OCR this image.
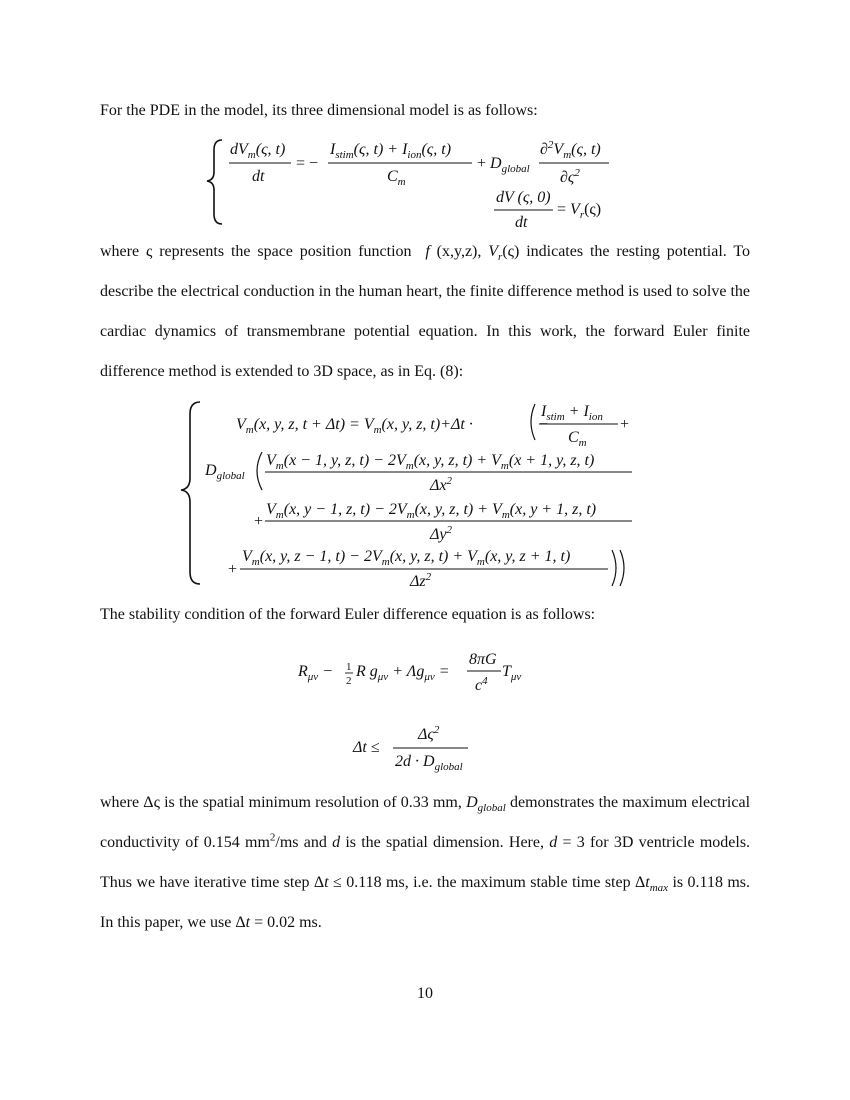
For the PDE in the model, its three dimensional model is as follows:

where ς represents the space position function f (x,y,z), $V_r(\varsigma)$ indicates the resting potential. To describe the electrical conduction in the human heart, the finite difference method is used to solve the cardiac dynamics of transmembrane potential equation. In this work, the forward Euler finite difference method is extended to 3D space, as in Eq. (8):

The stability condition of the forward Euler difference equation is as follows:

where Δς is the spatial minimum resolution of 0.33 mm, $D_{global}$ demonstrates the maximum electrical conductivity of 0.154 $mm^2/ms$ and d is the spatial dimension. Here, d = 3 for 3D ventricle models. Thus we have iterative time step Δt ≤ 0.118 ms, i.e. the maximum stable time step $\Delta t_{max}$ is 0.118 ms. In this paper, we use Δt = 0.02 ms.

$dV_m(\varsigma$, t)
dt
= −
$I_{stim}(\varsigma$, $t) + I_{ion}(\varsigma$, t)
$C_m$
+ $D_{global}$
$\partial^2V_m(\varsigma$, t)
$\partial\varsigma^2$
dV (ς, 0)
dt
= $V_r(\varsigma)$
$V_m(x$, y, z, $t + \Delta t) = V_m(x$, y, z, t)+Δt ·	−
$I_{stim} + I_{ion}$
$C_m$
+
$D_{global}$
$V_m(x - 1$, y, z, $t) - 2V_m(x$, y, z, $t) + V_m(x + 1$, y, z, t)
$\Delta x^2$
+
$V_m(x$, y − 1, z, $t) - 2V_m(x$, y, z, $t) + V_m(x$, y + 1, z, t)
$\Delta y^2$
+
$V_m(x$, y, z − 1, $t) - 2V_m(x$, y, z, $t) + V_m(x$, y, z + 1, t)
$\Delta z^2$
$R_{\mu\nu} - 1$
2
R $g_{\mu\nu} + \Lambda g_{\mu\nu}$ =
8πG
$c^4$
$T_{\mu\nu}$
Δt ≤
$\Delta\varsigma^2$
$2d \cdot D_{global}$
10
